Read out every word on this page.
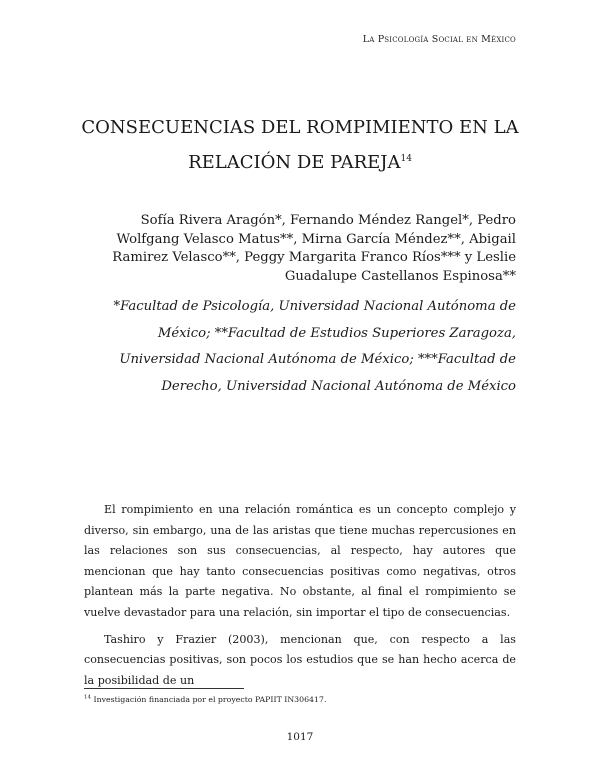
La Psicología Social en México
CONSECUENCIAS DEL ROMPIMIENTO EN LA
RELACIÓN DE PAREJA$^{14}$
Sofía Rivera Aragón*, Fernando Méndez Rangel*, Pedro Wolfgang Velasco Matus**, Mirna García Méndez**, Abigail Ramirez Velasco**, Peggy Margarita Franco Ríos*** y Leslie Guadalupe Castellanos Espinosa**
*Facultad de Psicología, Universidad Nacional Autónoma de México; **Facultad de Estudios Superiores Zaragoza, Universidad Nacional Autónoma de México; ***Facultad de Derecho, Universidad Nacional Autónoma de México

El rompimiento en una relación romántica es un concepto complejo y diverso, sin embargo, una de las aristas que tiene muchas repercusiones en las relaciones son sus consecuencias, al respecto, hay autores que mencionan que hay tanto consecuencias positivas como negativas, otros plantean más la parte negativa. No obstante, al final el rompimiento se vuelve devastador para una relación, sin importar el tipo de consecuencias.

Tashiro y Frazier (2003), mencionan que, con respecto a las consecuencias positivas, son pocos los estudios que se han hecho acerca de la posibilidad de un

$^{14}$ Investigación financiada por el proyecto PAPIIT IN306417.
1017
